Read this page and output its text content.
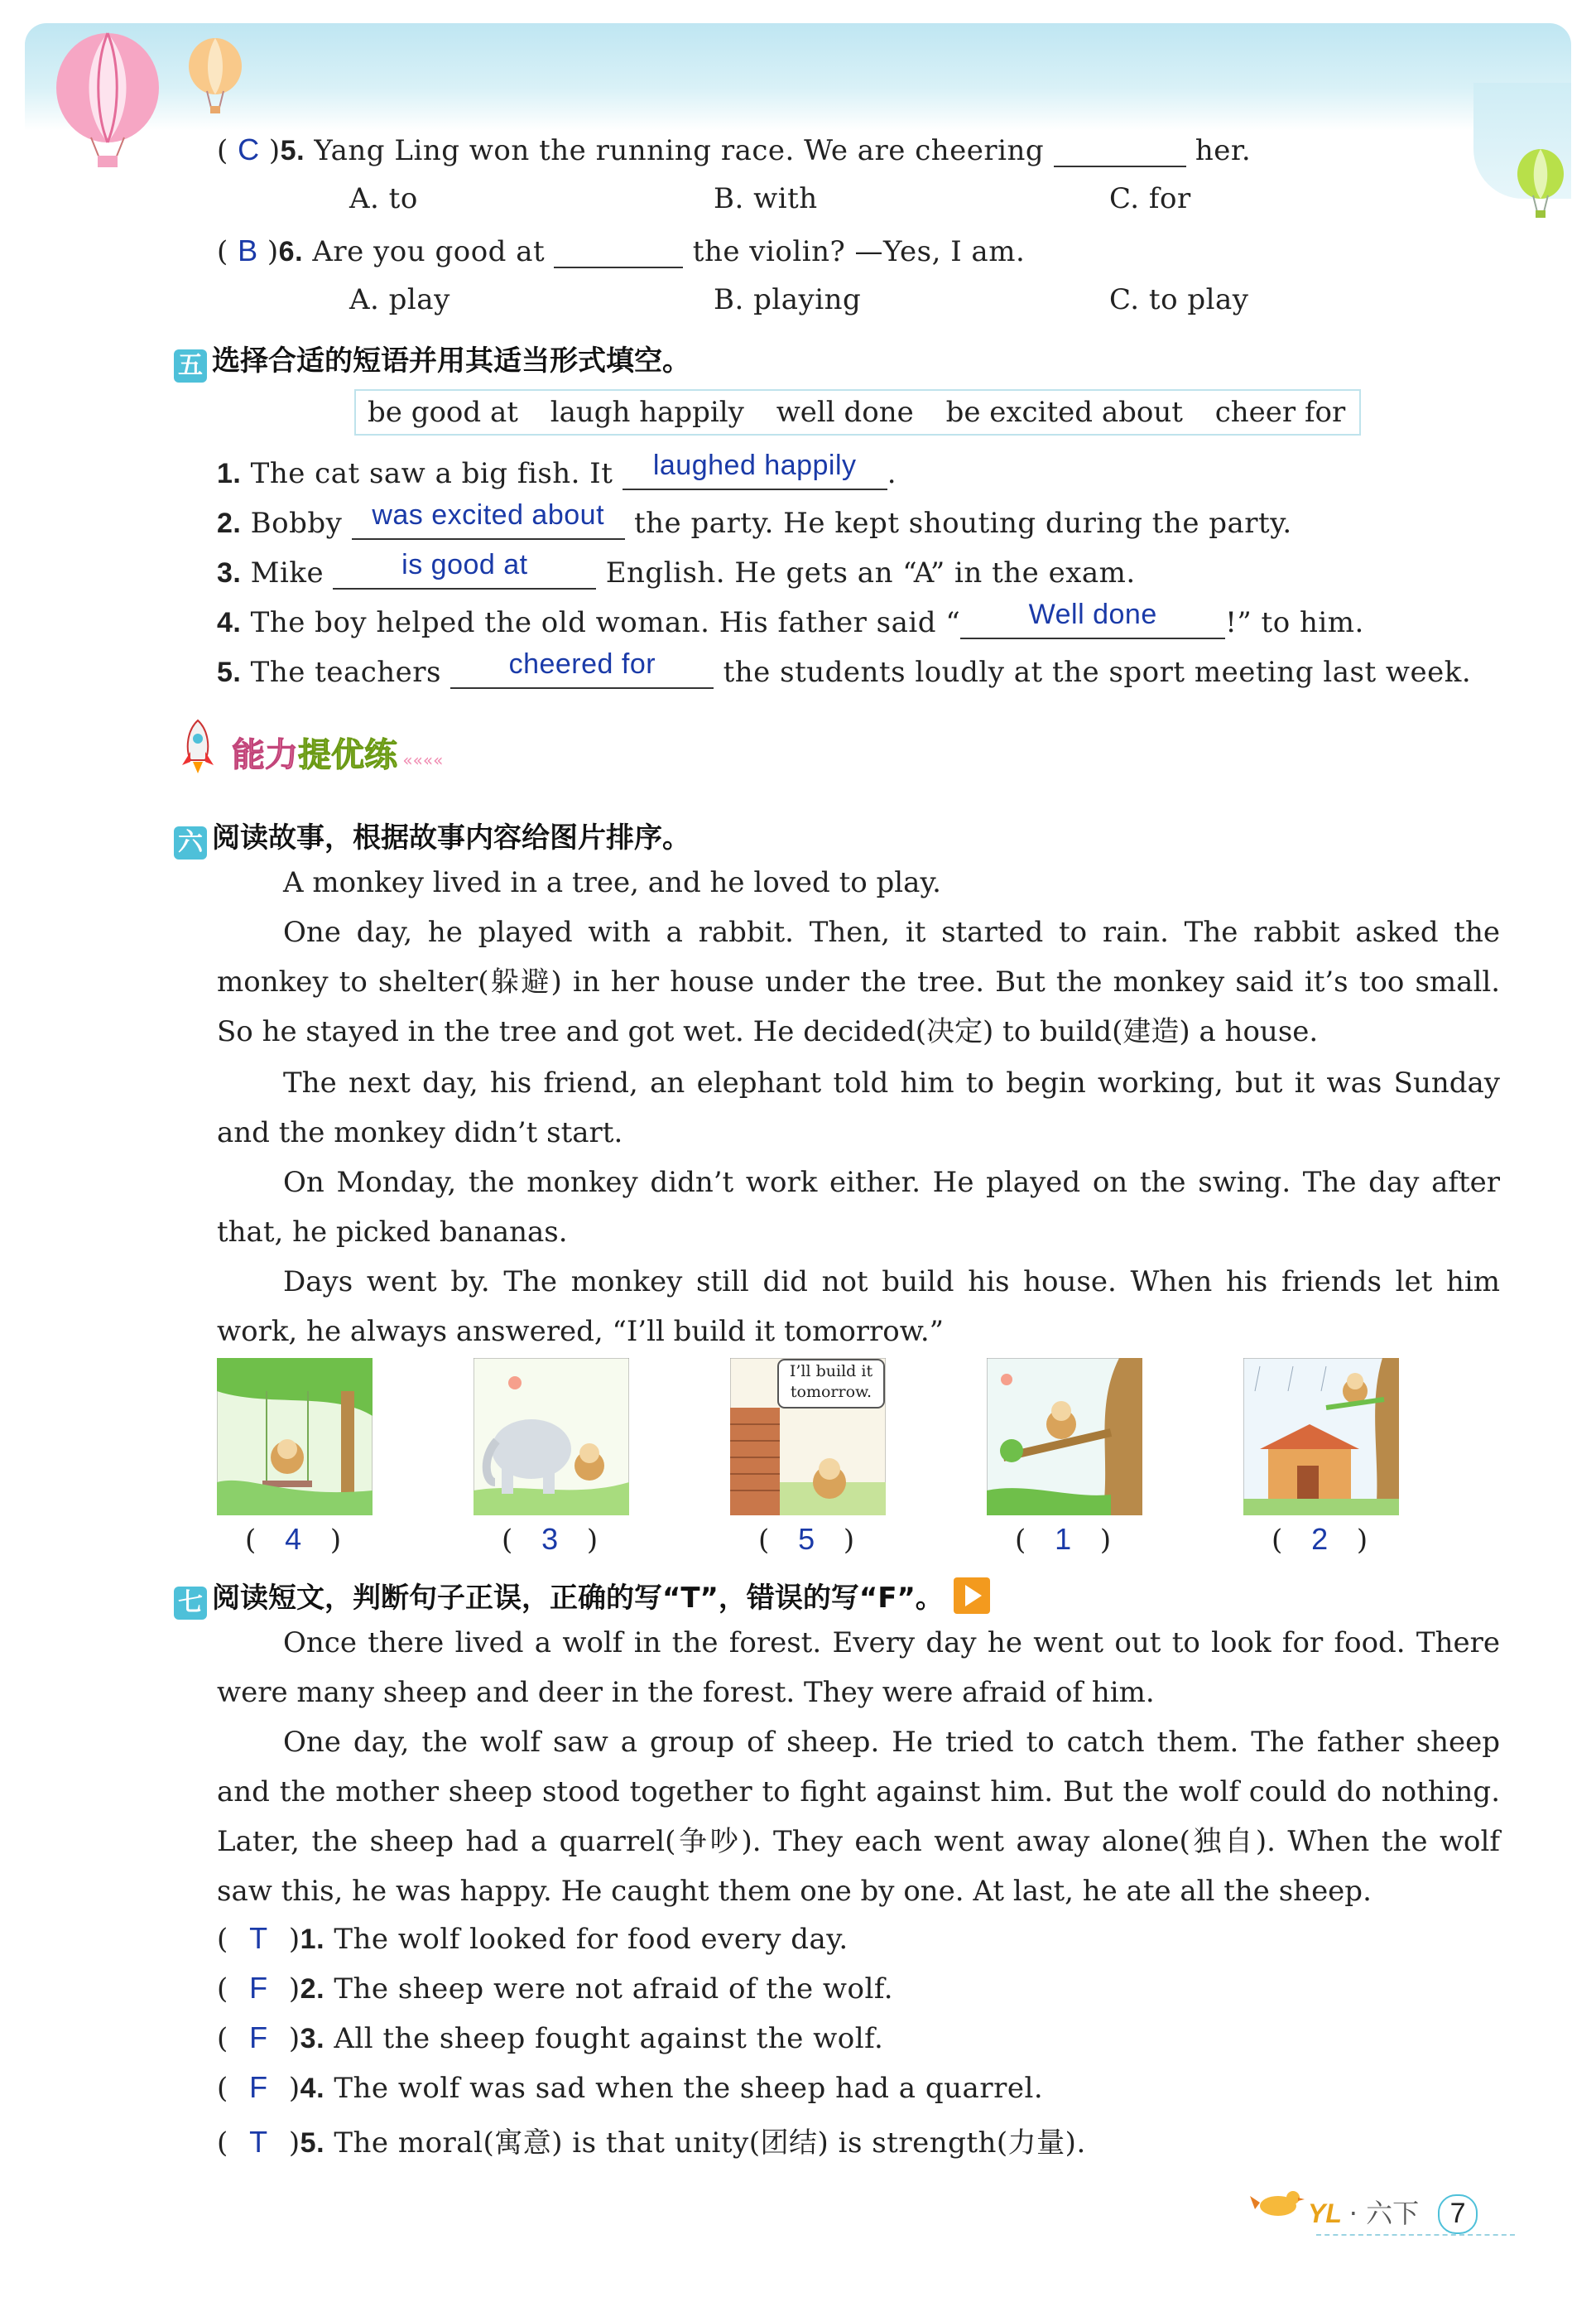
( C )5. Yang Ling won the running race. We are cheering	her.
A. to	B. with	C. for
( B )6. Are you good at	the violin? —Yes, I am.
A. play	B. playing	C. to play
五 选择合适的短语并用其适当形式填空。
be good at laugh happily well done be excited about cheer for
1. The cat saw a big fish. It laughed happily .
2. Bobby was excited about the party. He kept shouting during the party.
3. Mike	is good at	English. He gets an “A” in the exam.
4. The boy helped the old woman. His father said “ Well done !” to him.
5. The teachers cheered for the students loudly at the sport meeting last week.
能力提优练 ««««
六 阅读故事，根据故事内容给图片排序。
A monkey lived in a tree, and he loved to play.
One day, he played with a rabbit. Then, it started to rain. The rabbit asked the monkey to shelter(躲避) in her house under the tree. But the monkey said it’s too small. So he stayed in the tree and got wet. He decided(决定) to build(建造) a house.
The next day, his friend, an elephant told him to begin working, but it was Sunday and the monkey didn’t start.
On Monday, the monkey didn’t work either. He played on the swing. The day after that, he picked bananas.
Days went by. The monkey still did not build his house. When his friends let him work, he always answered, “I’ll build it tomorrow.”
I’ll build it tomorrow.
( 4 )	( 3 )	( 5 )	( 1 )	( 2 )
七 阅读短文，判断句子正误，正确的写“T”，错误的写“F”。
Once there lived a wolf in the forest. Every day he went out to look for food. There were many sheep and deer in the forest. They were afraid of him.
One day, the wolf saw a group of sheep. He tried to catch them. The father sheep and the mother sheep stood together to fight against him. But the wolf could do nothing. Later, the sheep had a quarrel(争吵). They each went away alone(独自). When the wolf saw this, he was happy. He caught them one by one. At last, he ate all the sheep.
( T )1. The wolf looked for food every day.
( F )2. The sheep were not afraid of the wolf.
( F )3. All the sheep fought against the wolf.
( F )4. The wolf was sad when the sheep had a quarrel.
( T )5. The moral(寓意) is that unity(团结) is strength(力量).
YL · 六下 7
